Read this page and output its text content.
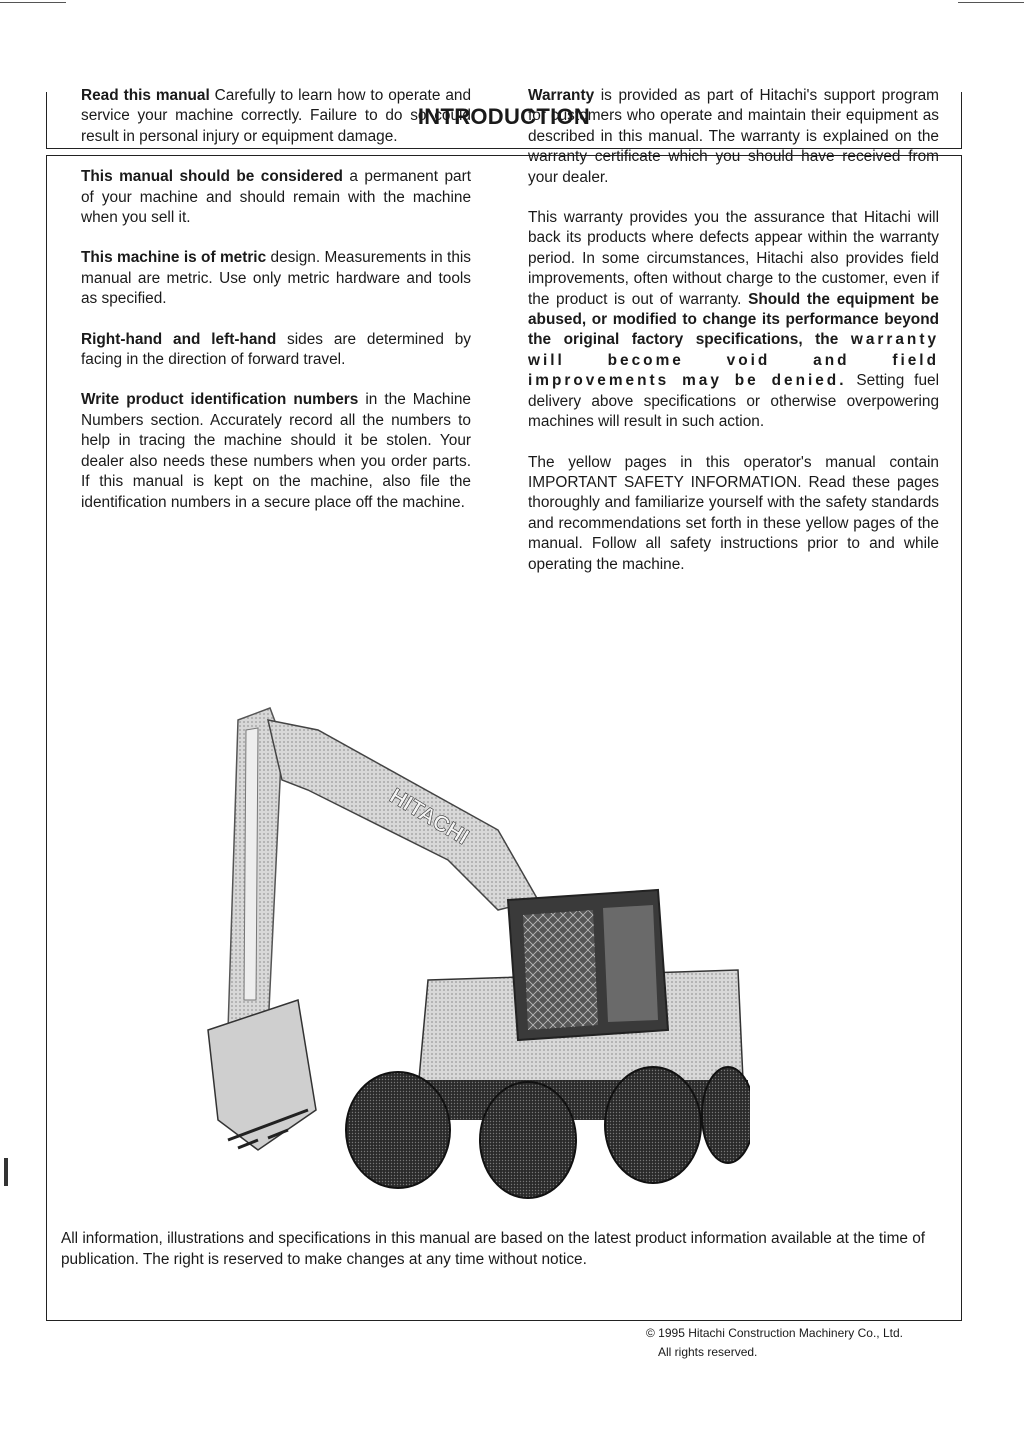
INTRODUCTION

Read this manual Carefully to learn how to operate and service your machine correctly. Failure to do so could result in personal injury or equipment damage.

This manual should be considered a permanent part of your machine and should remain with the machine when you sell it.

This machine is of metric design. Measurements in this manual are metric. Use only metric hardware and tools as specified.

Right-hand and left-hand sides are determined by facing in the direction of forward travel.

Write product identification numbers in the Machine Numbers section. Accurately record all the numbers to help in tracing the machine should it be stolen. Your dealer also needs these numbers when you order parts. If this manual is kept on the machine, also file the identification numbers in a secure place off the machine.

Warranty is provided as part of Hitachi's support program for customers who operate and maintain their equipment as described in this manual. The warranty is explained on the warranty certificate which you should have received from your dealer.

This warranty provides you the assurance that Hitachi will back its products where defects appear within the warranty period. In some circumstances, Hitachi also provides field improvements, often without charge to the customer, even if the product is out of warranty. Should the equipment be abused, or modified to change its performance beyond the original factory specifications, the warranty will become void and field improvements may be denied. Setting fuel delivery above specifications or otherwise overpowering machines will result in such action.

The yellow pages in this operator's manual contain IMPORTANT SAFETY INFORMATION. Read these pages thoroughly and familiarize yourself with the safety standards and recommendations set forth in these yellow pages of the manual. Follow all safety instructions prior to and while operating the machine.

HITACHI
All information, illustrations and specifications in this manual are based on the latest product information available at the time of publication. The right is reserved to make changes at any time without notice.
© 1995 Hitachi Construction Machinery Co., Ltd.
All rights reserved.
